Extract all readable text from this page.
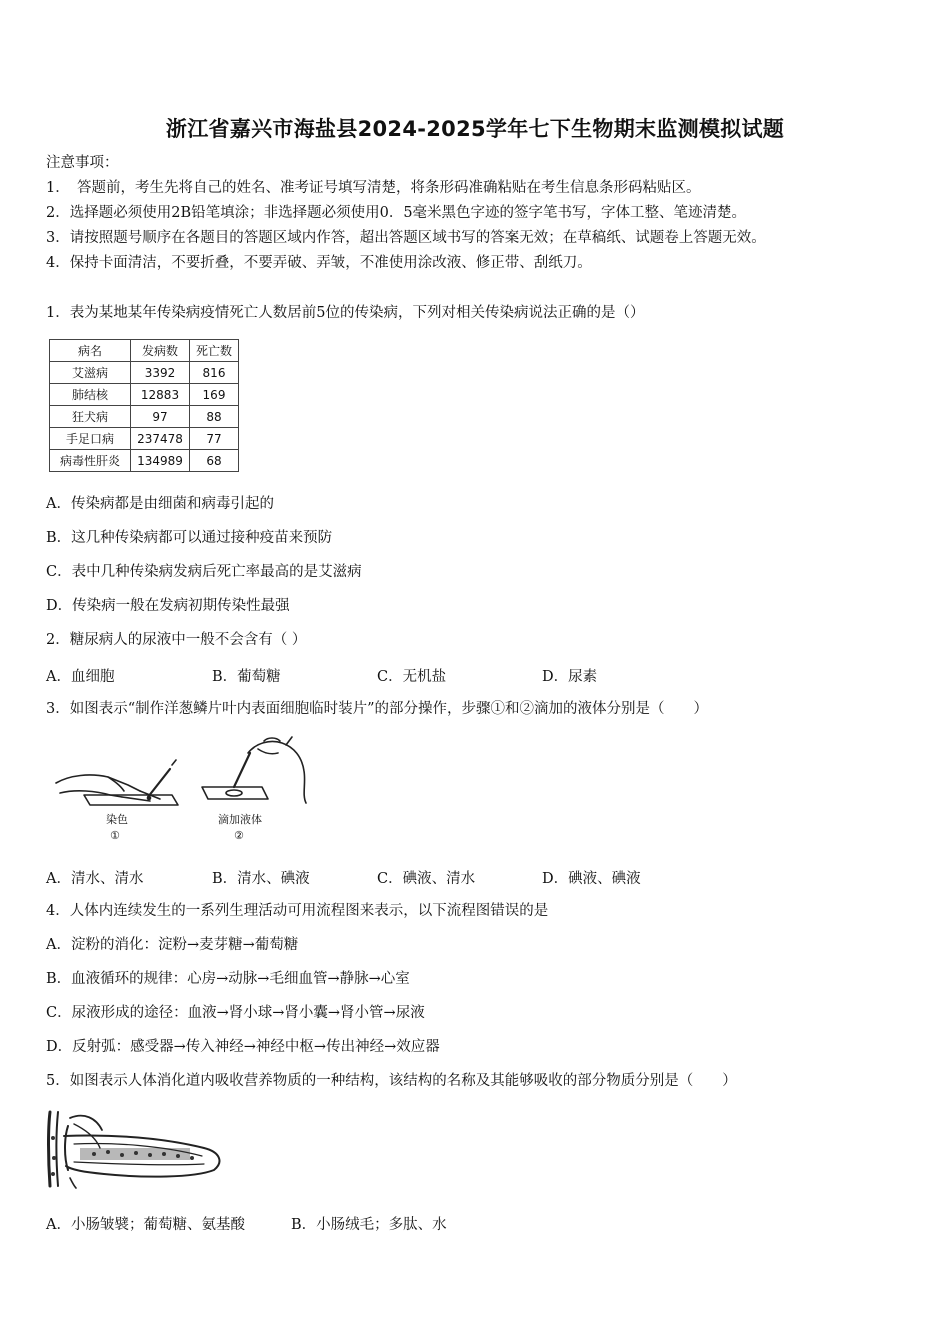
浙江省嘉兴市海盐县2024-2025学年七下生物期末监测模拟试题
注意事项：
1．　答题前，考生先将自己的姓名、准考证号填写清楚，将条形码准确粘贴在考生信息条形码粘贴区。
2．选择题必须使用2B铅笔填涂；非选择题必须使用0．5毫米黑色字迹的签字笔书写，字体工整、笔迹清楚。
3．请按照题号顺序在各题目的答题区域内作答，超出答题区域书写的答案无效；在草稿纸、试题卷上答题无效。
4．保持卡面清洁，不要折叠，不要弄破、弄皱，不准使用涂改液、修正带、刮纸刀。
1．表为某地某年传染病疫情死亡人数居前5位的传染病，下列对相关传染病说法正确的是（）
病名	发病数	死亡数
艾滋病	3392	816
肺结核	12883	169
狂犬病	97	88
手足口病	237478	77
病毒性肝炎	134989	68
A．传染病都是由细菌和病毒引起的
B．这几种传染病都可以通过接种疫苗来预防
C．表中几种传染病发病后死亡率最高的是艾滋病
D．传染病一般在发病初期传染性最强
2．糖尿病人的尿液中一般不会含有（ ）
A．血细胞	B．葡萄糖	C．无机盐	D．尿素
3．如图表示“制作洋葱鳞片叶内表面细胞临时装片”的部分操作，步骤①和②滴加的液体分别是（　　）
染色
①
滴加液体
②
A．清水、清水	B．清水、碘液	C．碘液、清水	D．碘液、碘液
4．人体内连续发生的一系列生理活动可用流程图来表示，以下流程图错误的是
A．淀粉的消化：淀粉→麦芽糖→葡萄糖
B．血液循环的规律：心房→动脉→毛细血管→静脉→心室
C．尿液形成的途径：血液→肾小球→肾小囊→肾小管→尿液
D．反射弧：感受器→传入神经→神经中枢→传出神经→效应器
5．如图表示人体消化道内吸收营养物质的一种结构，该结构的名称及其能够吸收的部分物质分别是（　　）
A．小肠皱襞；葡萄糖、氨基酸	B．小肠绒毛；多肽、水
